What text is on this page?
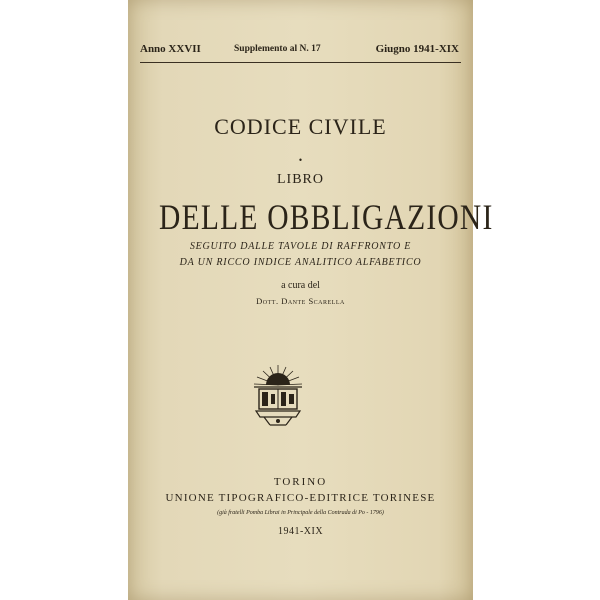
Anno XXVII	Supplemento al N. 17	Giugno 1941-XIX
CODICE CIVILE
•
LIBRO
DELLE OBBLIGAZIONI
SEGUITO DALLE TAVOLE DI RAFFRONTO E
DA UN RICCO INDICE ANALITICO ALFABETICO
a cura del
Dott. Dante Scarella
TORINO
UNIONE TIPOGRAFICO-EDITRICE TORINESE
(già fratelli Pomba Librai in Principale della Contrada di Po - 1796)
1941-XIX
